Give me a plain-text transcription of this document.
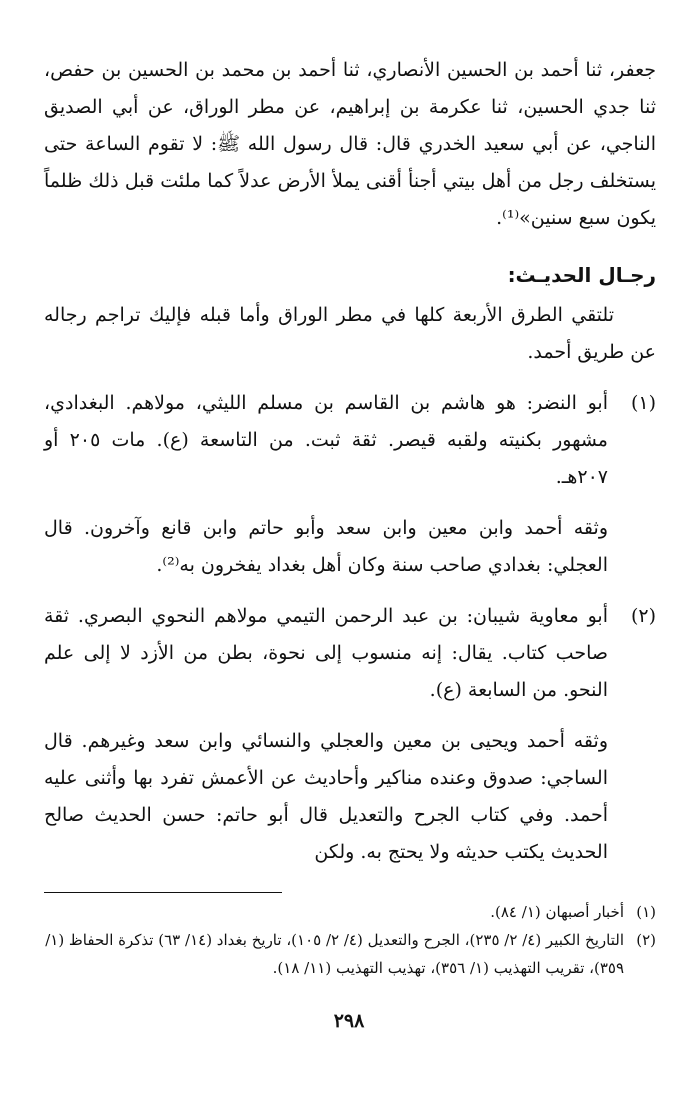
جعفر، ثنا أحمد بن الحسين الأنصاري، ثنا أحمد بن محمد بن الحسين بن حفص، ثنا جدي الحسين، ثنا عكرمة بن إبراهيم، عن مطر الوراق، عن أبي الصديق الناجي، عن أبي سعيد الخدري قال: قال رسول الله ﷺ: لا تقوم الساعة حتى يستخلف رجل من أهل بيتي أجنأ أقنى يملأ الأرض عدلاً كما ملئت قبل ذلك ظلماً يكون سبع سنين»⁽¹⁾.

رجـال الحديـث:

تلتقي الطرق الأربعة كلها في مطر الوراق وأما قبله فإليك تراجم رجاله عن طريق أحمد.

(١)

أبو النضر: هو هاشم بن القاسم بن مسلم الليثي، مولاهم. البغدادي، مشهور بكنيته ولقبه قيصر. ثقة ثبت. من التاسعة (ع). مات ٢٠٥ أو ٢٠٧هـ.

وثقه أحمد وابن معين وابن سعد وأبو حاتم وابن قانع وآخرون. قال العجلي: بغدادي صاحب سنة وكان أهل بغداد يفخرون به⁽²⁾.

(٢)

أبو معاوية شيبان: بن عبد الرحمن التيمي مولاهم النحوي البصري. ثقة صاحب كتاب. يقال: إنه منسوب إلى نحوة، بطن من الأزد لا إلى علم النحو. من السابعة (ع).

وثقه أحمد ويحيى بن معين والعجلي والنسائي وابن سعد وغيرهم. قال الساجي: صدوق وعنده مناكير وأحاديث عن الأعمش تفرد بها وأثنى عليه أحمد. وفي كتاب الجرح والتعديل قال أبو حاتم: حسن الحديث صالح الحديث يكتب حديثه ولا يحتج به. ولكن

(١)
أخبار أصبهان (١/ ٨٤).

(٢)
التاريخ الكبير (٤/ ٢/ ٢٣٥)، الجرح والتعديل (٤/ ٢/ ١٠٥)، تاريخ بغداد (١٤/ ٦٣) تذكرة الحفاظ (١/ ٣٥٩)، تقريب التهذيب (١/ ٣٥٦)، تهذيب التهذيب (١١/ ١٨).

٢٩٨
